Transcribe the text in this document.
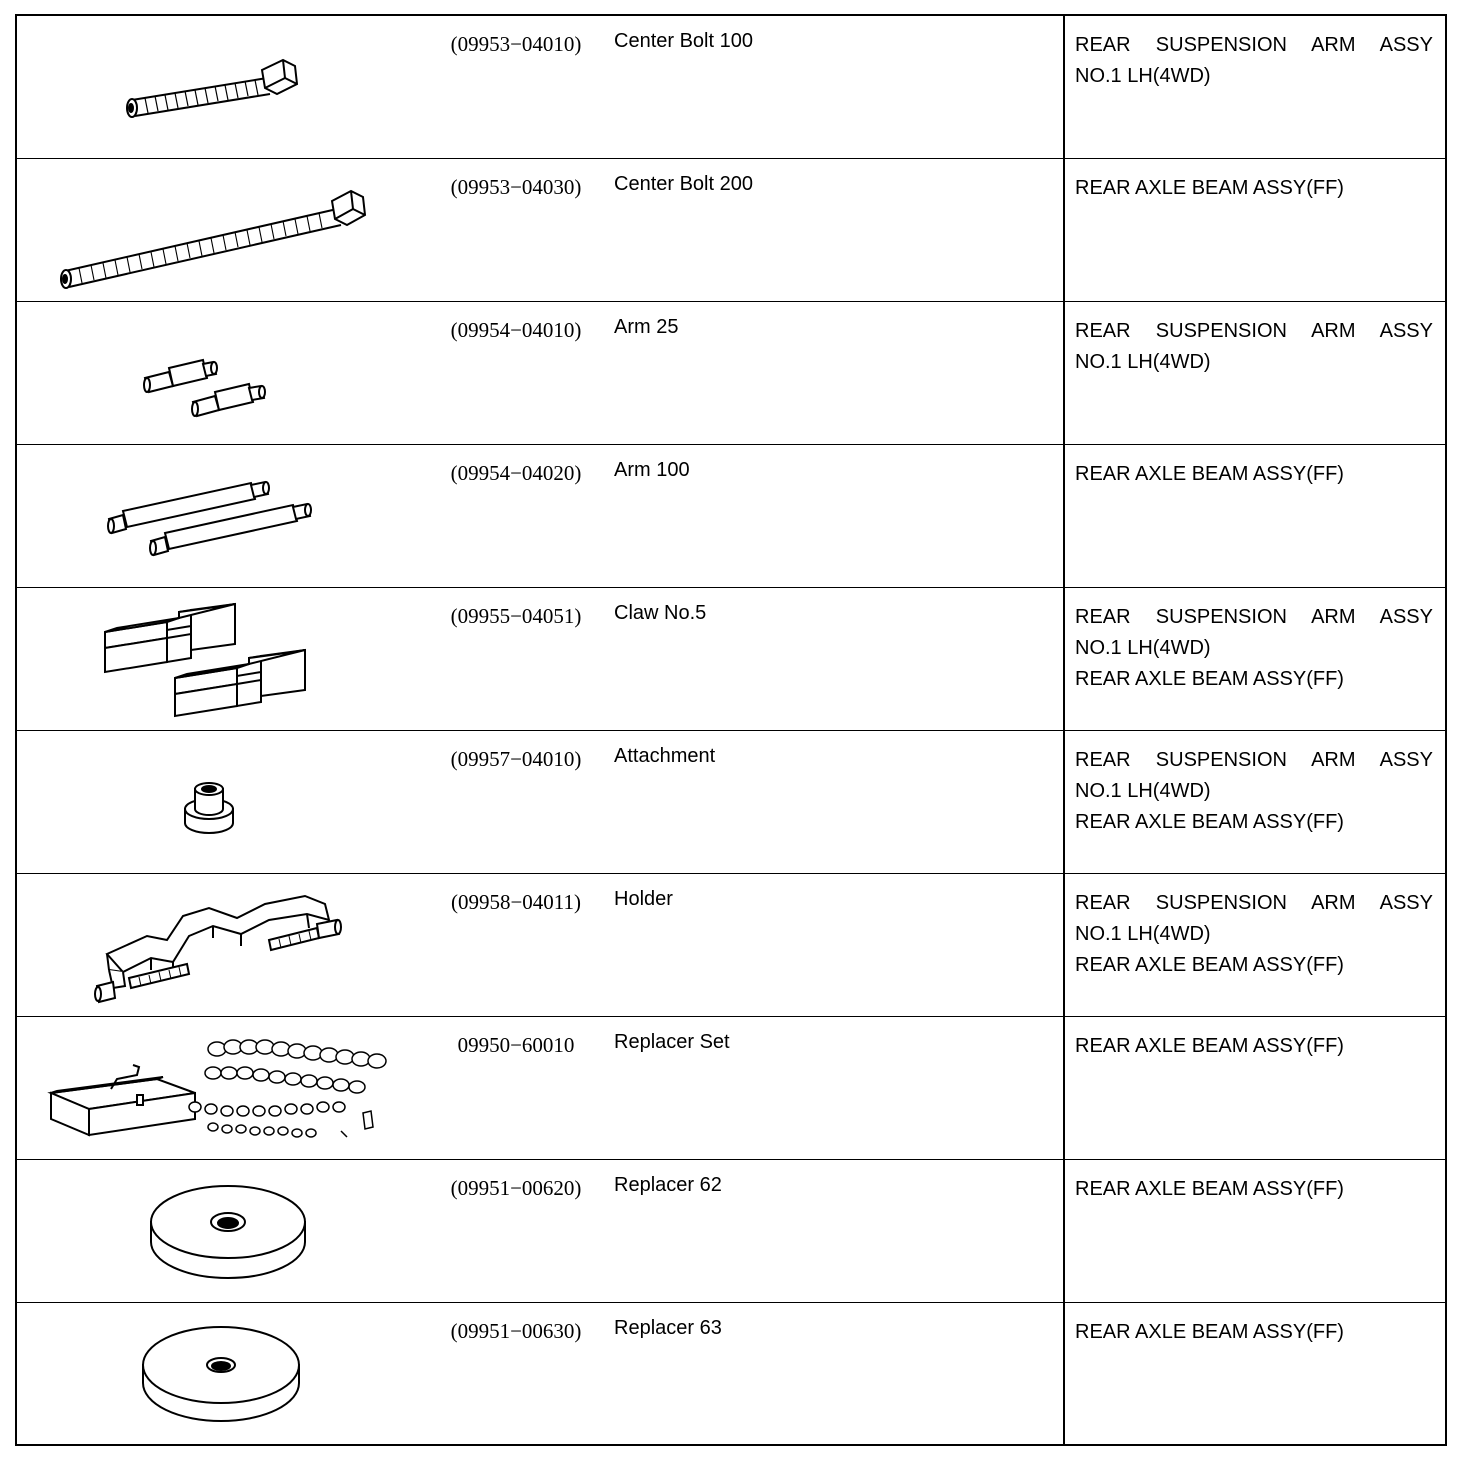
(09953−04010)	Center Bolt 100	REAR SUSPENSION ARM ASSY
NO.1 LH(4WD)
(09953−04030)	Center Bolt 200	REAR AXLE BEAM ASSY(FF)
(09954−04010)	Arm 25	REAR SUSPENSION ARM ASSY
NO.1 LH(4WD)
(09954−04020)	Arm 100	REAR AXLE BEAM ASSY(FF)
(09955−04051)	Claw No.5	REAR SUSPENSION ARM ASSY
NO.1 LH(4WD)
REAR AXLE BEAM ASSY(FF)
(09957−04010)	Attachment	REAR SUSPENSION ARM ASSY
NO.1 LH(4WD)
REAR AXLE BEAM ASSY(FF)
(09958−04011)	Holder	REAR SUSPENSION ARM ASSY
NO.1 LH(4WD)
REAR AXLE BEAM ASSY(FF)
09950−60010	Replacer Set	REAR AXLE BEAM ASSY(FF)
(09951−00620)	Replacer 62	REAR AXLE BEAM ASSY(FF)
(09951−00630)	Replacer 63	REAR AXLE BEAM ASSY(FF)
